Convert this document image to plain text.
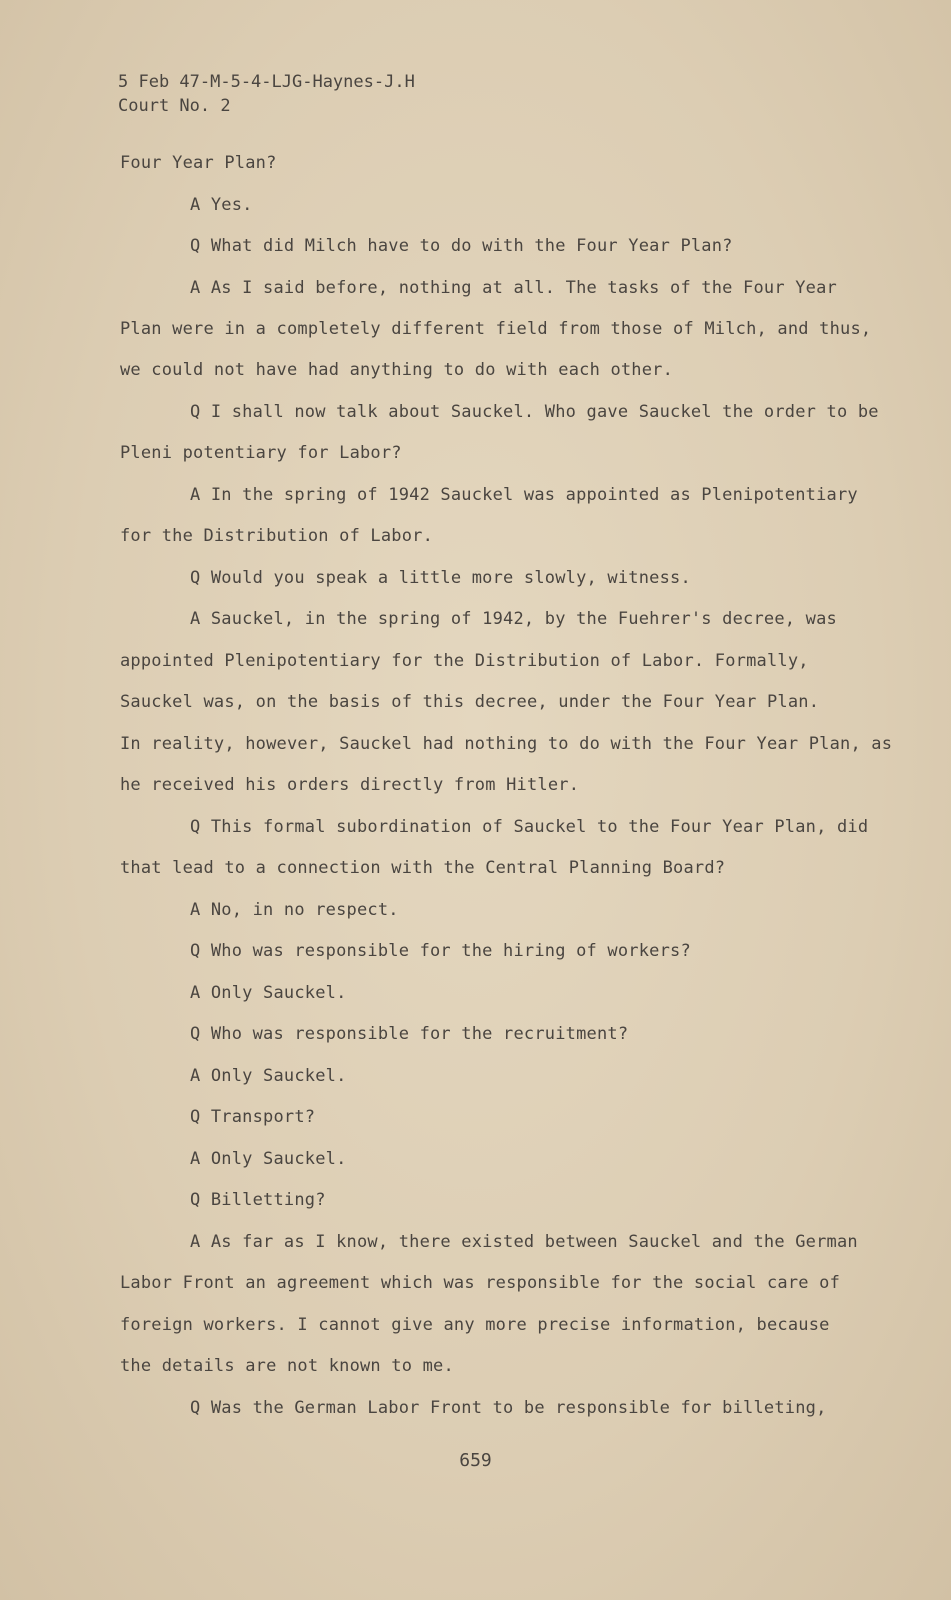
5 Feb 47-M-5-4-LJG-Haynes-J.H
Court No. 2
Four Year Plan?
A Yes.
Q What did Milch have to do with the Four Year Plan?
A As I said before, nothing at all. The tasks of the Four Year
Plan were in a completely different field from those of Milch, and thus,
we could not have had anything to do with each other.
Q I shall now talk about Sauckel. Who gave Sauckel the order to be
Pleni potentiary for Labor?
A In the spring of 1942 Sauckel was appointed as Plenipotentiary
for the Distribution of Labor.
Q Would you speak a little more slowly, witness.
A Sauckel, in the spring of 1942, by the Fuehrer's decree, was
appointed Plenipotentiary for the Distribution of Labor. Formally,
Sauckel was, on the basis of this decree, under the Four Year Plan.
In reality, however, Sauckel had nothing to do with the Four Year Plan, as
he received his orders directly from Hitler.
Q This formal subordination of Sauckel to the Four Year Plan, did
that lead to a connection with the Central Planning Board?
A No, in no respect.
Q Who was responsible for the hiring of workers?
A Only Sauckel.
Q Who was responsible for the recruitment?
A Only Sauckel.
Q Transport?
A Only Sauckel.
Q Billetting?
A As far as I know, there existed between Sauckel and the German
Labor Front an agreement which was responsible for the social care of
foreign workers. I cannot give any more precise information, because
the details are not known to me.
Q Was the German Labor Front to be responsible for billeting,
659
